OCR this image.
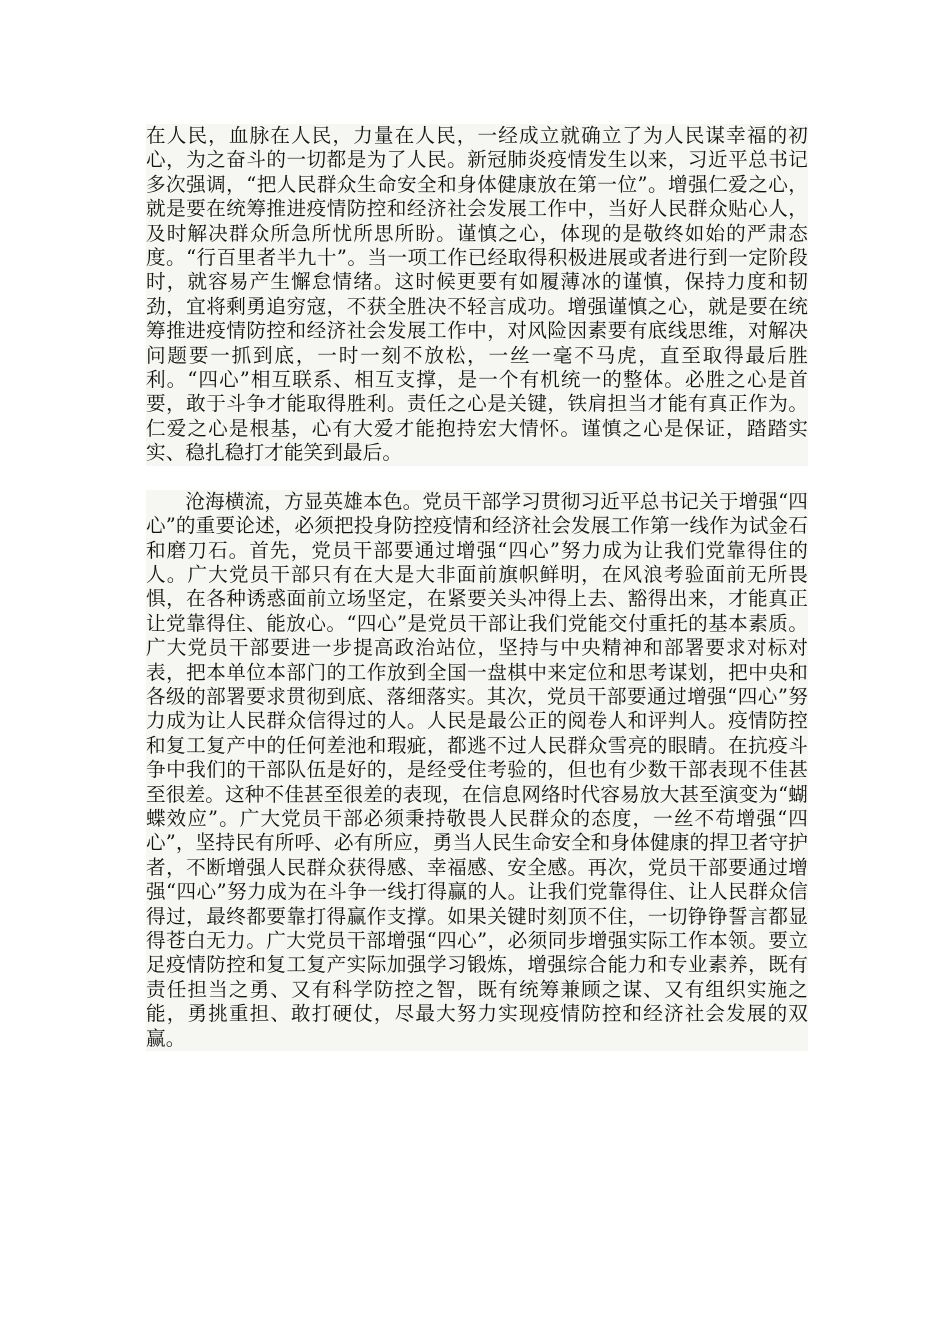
在人民，血脉在人民，力量在人民，一经成立就确立了为人民谋幸福的初心，为之奋斗的一切都是为了人民。新冠肺炎疫情发生以来，习近平总书记多次强调，“把人民群众生命安全和身体健康放在第一位”。增强仁爱之心，就是要在统筹推进疫情防控和经济社会发展工作中，当好人民群众贴心人，及时解决群众所急所忧所思所盼。谨慎之心，体现的是敬终如始的严肃态度。“行百里者半九十”。当一项工作已经取得积极进展或者进行到一定阶段时，就容易产生懈怠情绪。这时候更要有如履薄冰的谨慎，保持力度和韧劲，宜将剩勇追穷寇，不获全胜决不轻言成功。增强谨慎之心，就是要在统筹推进疫情防控和经济社会发展工作中，对风险因素要有底线思维，对解决问题要一抓到底，一时一刻不放松，一丝一毫不马虎，直至取得最后胜利。“四心”相互联系、相互支撑，是一个有机统一的整体。必胜之心是首要，敢于斗争才能取得胜利。责任之心是关键，铁肩担当才能有真正作为。仁爱之心是根基，心有大爱才能抱持宏大情怀。谨慎之心是保证，踏踏实实、稳扎稳打才能笑到最后。

沧海横流，方显英雄本色。党员干部学习贯彻习近平总书记关于增强“四心”的重要论述，必须把投身防控疫情和经济社会发展工作第一线作为试金石和磨刀石。首先，党员干部要通过增强“四心”努力成为让我们党靠得住的人。广大党员干部只有在大是大非面前旗帜鲜明，在风浪考验面前无所畏惧，在各种诱惑面前立场坚定，在紧要关头冲得上去、豁得出来，才能真正让党靠得住、能放心。“四心”是党员干部让我们党能交付重托的基本素质。广大党员干部要进一步提高政治站位，坚持与中央精神和部署要求对标对表，把本单位本部门的工作放到全国一盘棋中来定位和思考谋划，把中央和各级的部署要求贯彻到底、落细落实。其次，党员干部要通过增强“四心”努力成为让人民群众信得过的人。人民是最公正的阅卷人和评判人。疫情防控和复工复产中的任何差池和瑕疵，都逃不过人民群众雪亮的眼睛。在抗疫斗争中我们的干部队伍是好的，是经受住考验的，但也有少数干部表现不佳甚至很差。这种不佳甚至很差的表现，在信息网络时代容易放大甚至演变为“蝴蝶效应”。广大党员干部必须秉持敬畏人民群众的态度，一丝不苟增强“四心”，坚持民有所呼、必有所应，勇当人民生命安全和身体健康的捍卫者守护者，不断增强人民群众获得感、幸福感、安全感。再次，党员干部要通过增强“四心”努力成为在斗争一线打得赢的人。让我们党靠得住、让人民群众信得过，最终都要靠打得赢作支撑。如果关键时刻顶不住，一切铮铮誓言都显得苍白无力。广大党员干部增强“四心”，必须同步增强实际工作本领。要立足疫情防控和复工复产实际加强学习锻炼，增强综合能力和专业素养，既有责任担当之勇、又有科学防控之智，既有统筹兼顾之谋、又有组织实施之能，勇挑重担、敢打硬仗，尽最大努力实现疫情防控和经济社会发展的双赢。
